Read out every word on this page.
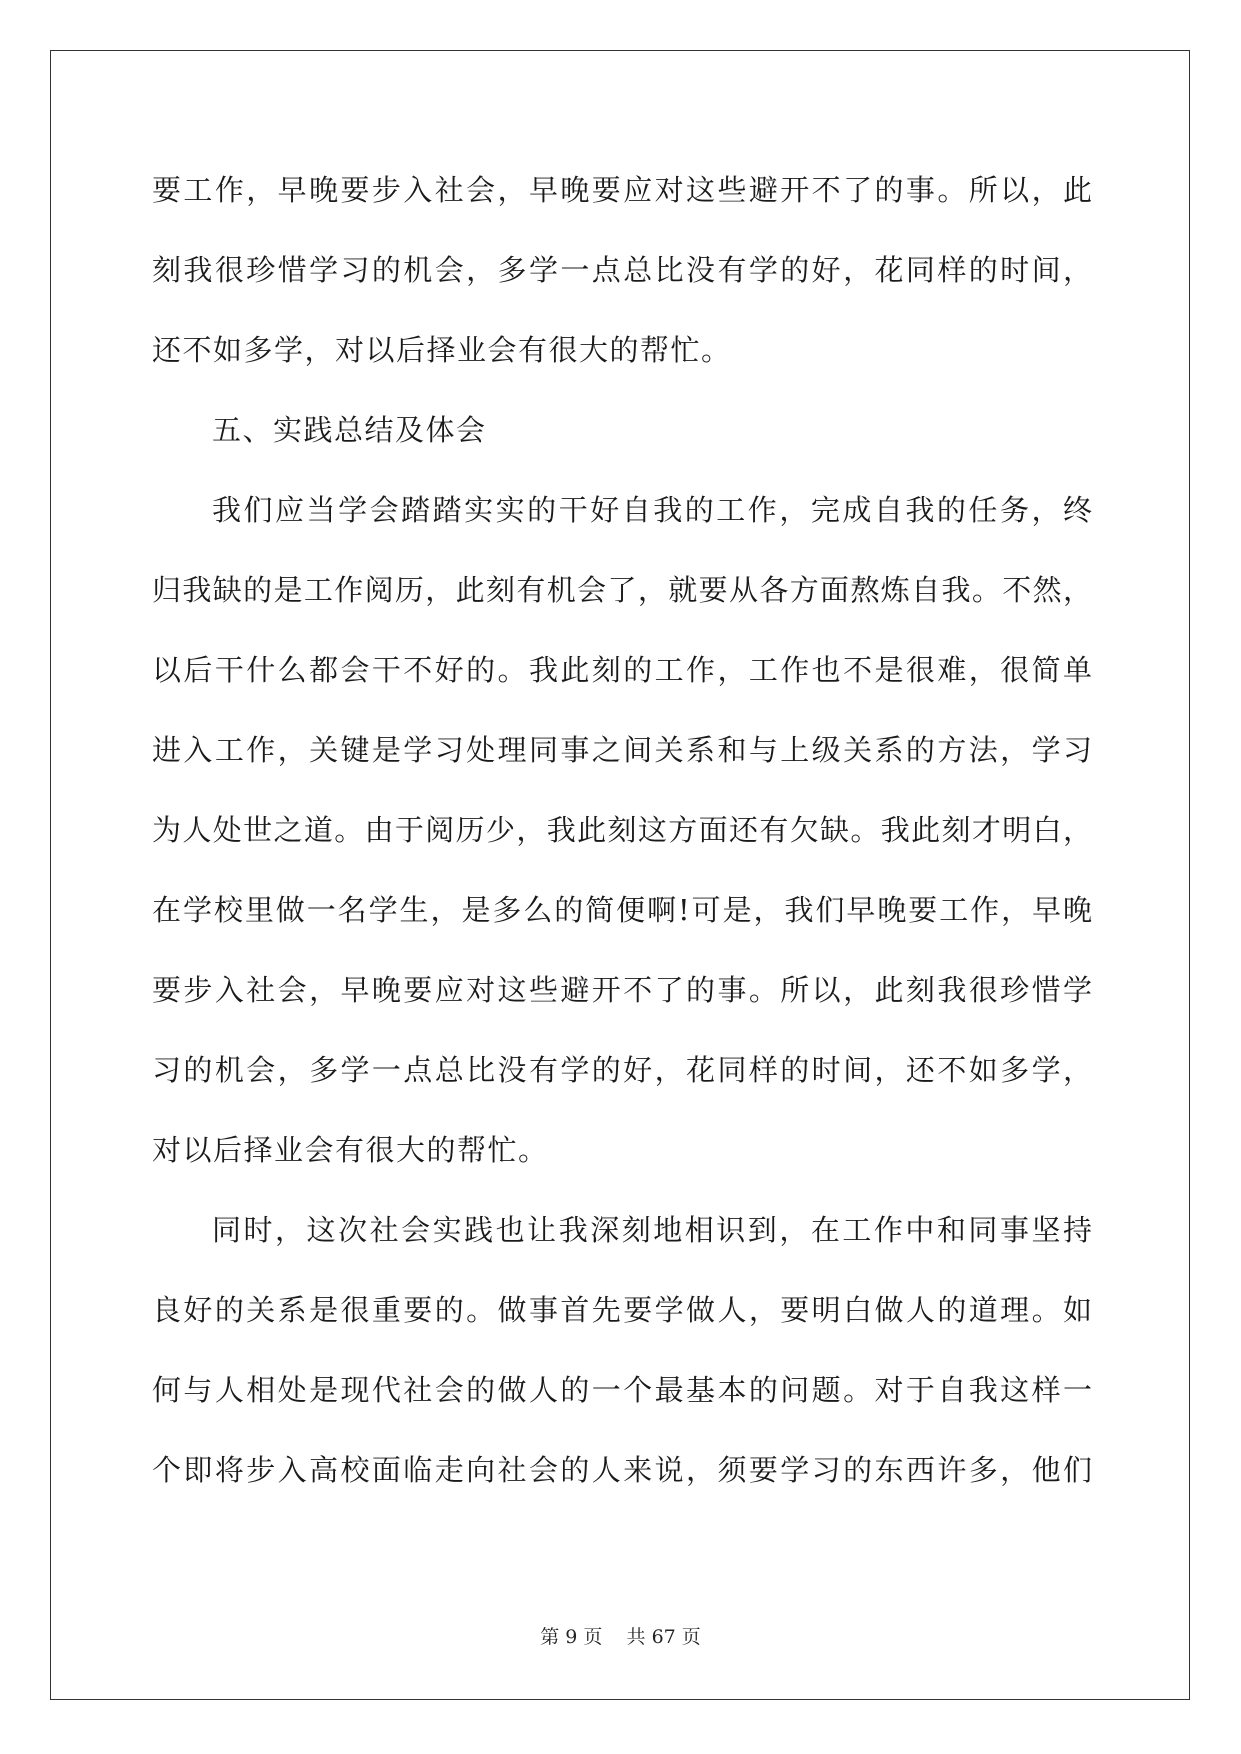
要工作，早晚要步入社会，早晚要应对这些避开不了的事。所以，此
刻我很珍惜学习的机会，多学一点总比没有学的好，花同样的时间，
还不如多学，对以后择业会有很大的帮忙。
五、实践总结及体会
我们应当学会踏踏实实的干好自我的工作，完成自我的任务，终
归我缺的是工作阅历，此刻有机会了，就要从各方面熬炼自我。不然，
以后干什么都会干不好的。我此刻的工作，工作也不是很难，很简单
进入工作，关键是学习处理同事之间关系和与上级关系的方法，学习
为人处世之道。由于阅历少，我此刻这方面还有欠缺。我此刻才明白，
在学校里做一名学生，是多么的简便啊!可是，我们早晚要工作，早晚
要步入社会，早晚要应对这些避开不了的事。所以，此刻我很珍惜学
习的机会，多学一点总比没有学的好，花同样的时间，还不如多学，
对以后择业会有很大的帮忙。
同时，这次社会实践也让我深刻地相识到，在工作中和同事坚持
良好的关系是很重要的。做事首先要学做人，要明白做人的道理。如
何与人相处是现代社会的做人的一个最基本的问题。对于自我这样一
个即将步入高校面临走向社会的人来说，须要学习的东西许多，他们
第 9 页    共 67 页
